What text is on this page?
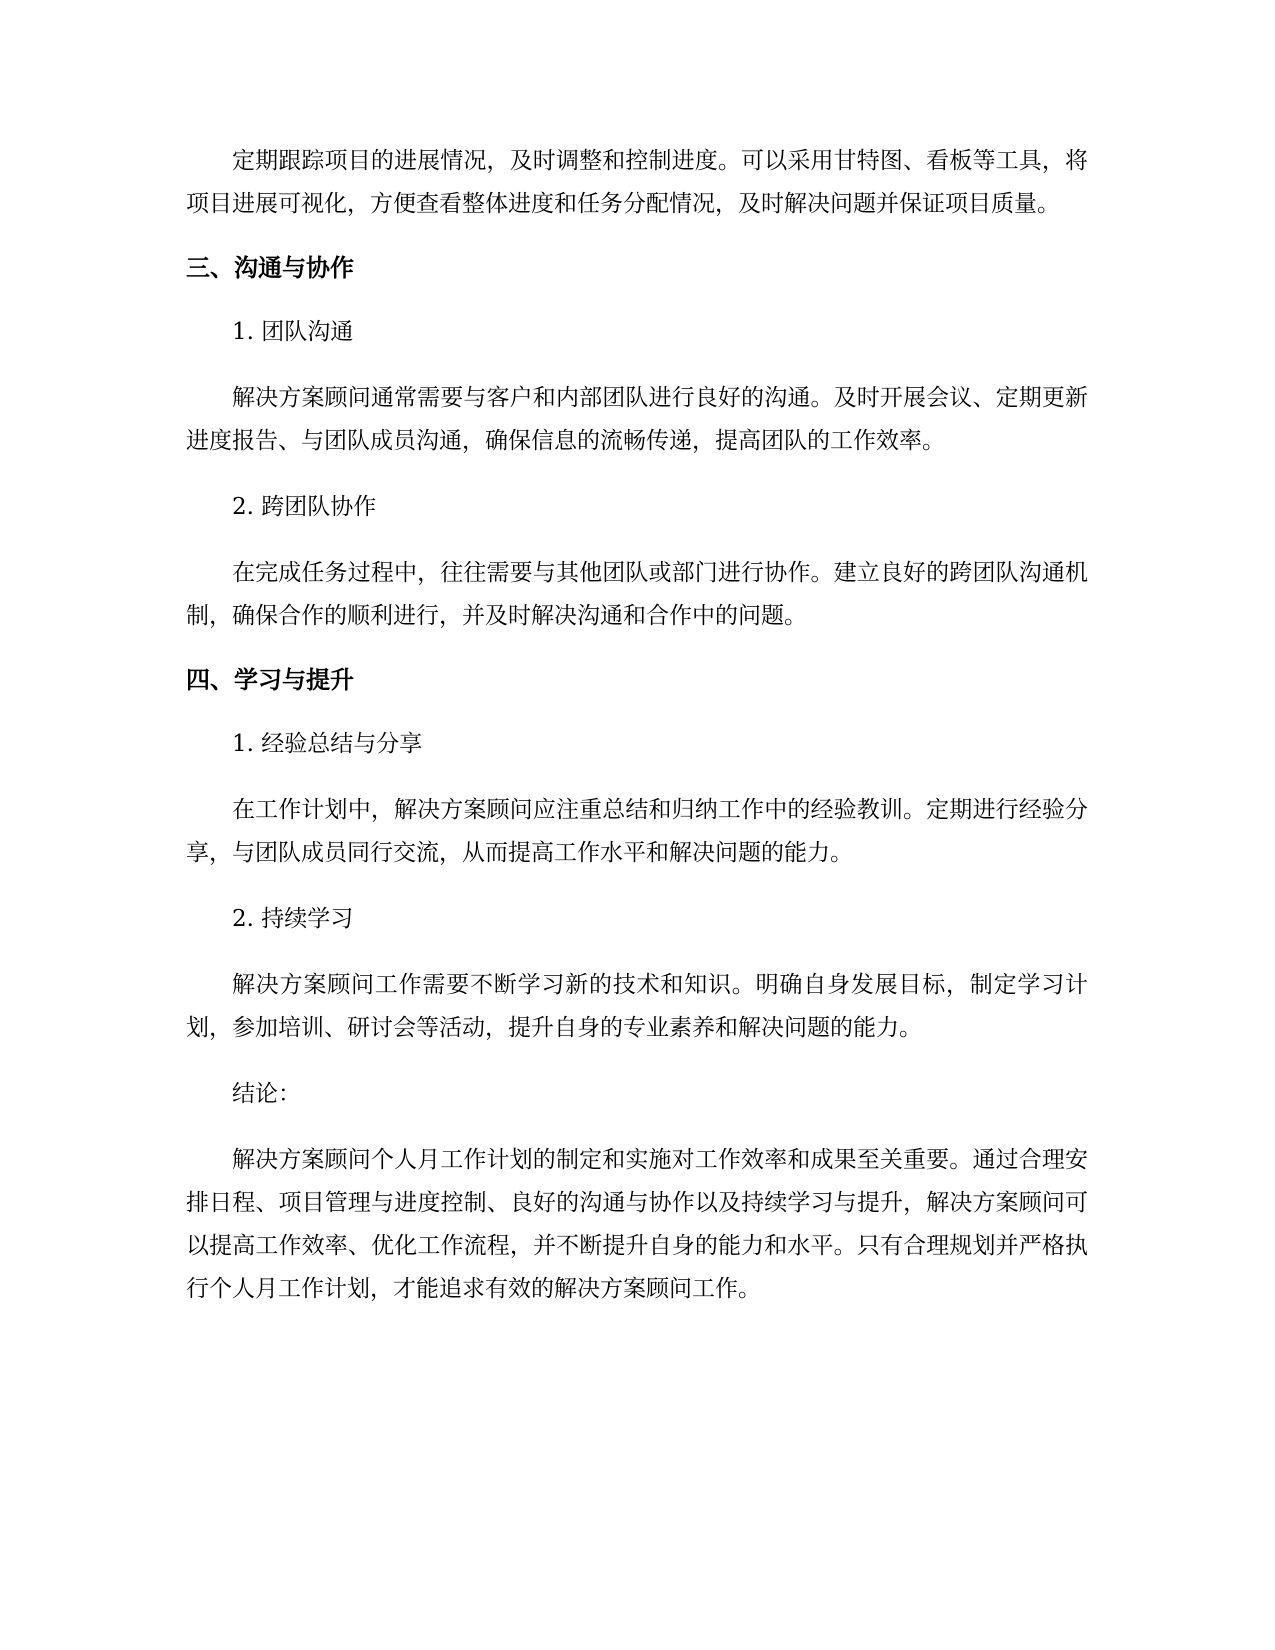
定期跟踪项目的进展情况，及时调整和控制进度。可以采用甘特图、看板等工具，将项目进展可视化，方便查看整体进度和任务分配情况，及时解决问题并保证项目质量。

三、沟通与协作

1. 团队沟通

解决方案顾问通常需要与客户和内部团队进行良好的沟通。及时开展会议、定期更新进度报告、与团队成员沟通，确保信息的流畅传递，提高团队的工作效率。

2. 跨团队协作

在完成任务过程中，往往需要与其他团队或部门进行协作。建立良好的跨团队沟通机制，确保合作的顺利进行，并及时解决沟通和合作中的问题。

四、学习与提升

1. 经验总结与分享

在工作计划中，解决方案顾问应注重总结和归纳工作中的经验教训。定期进行经验分享，与团队成员同行交流，从而提高工作水平和解决问题的能力。

2. 持续学习

解决方案顾问工作需要不断学习新的技术和知识。明确自身发展目标，制定学习计划，参加培训、研讨会等活动，提升自身的专业素养和解决问题的能力。

结论：

解决方案顾问个人月工作计划的制定和实施对工作效率和成果至关重要。通过合理安排日程、项目管理与进度控制、良好的沟通与协作以及持续学习与提升，解决方案顾问可以提高工作效率、优化工作流程，并不断提升自身的能力和水平。只有合理规划并严格执行个人月工作计划，才能追求有效的解决方案顾问工作。
